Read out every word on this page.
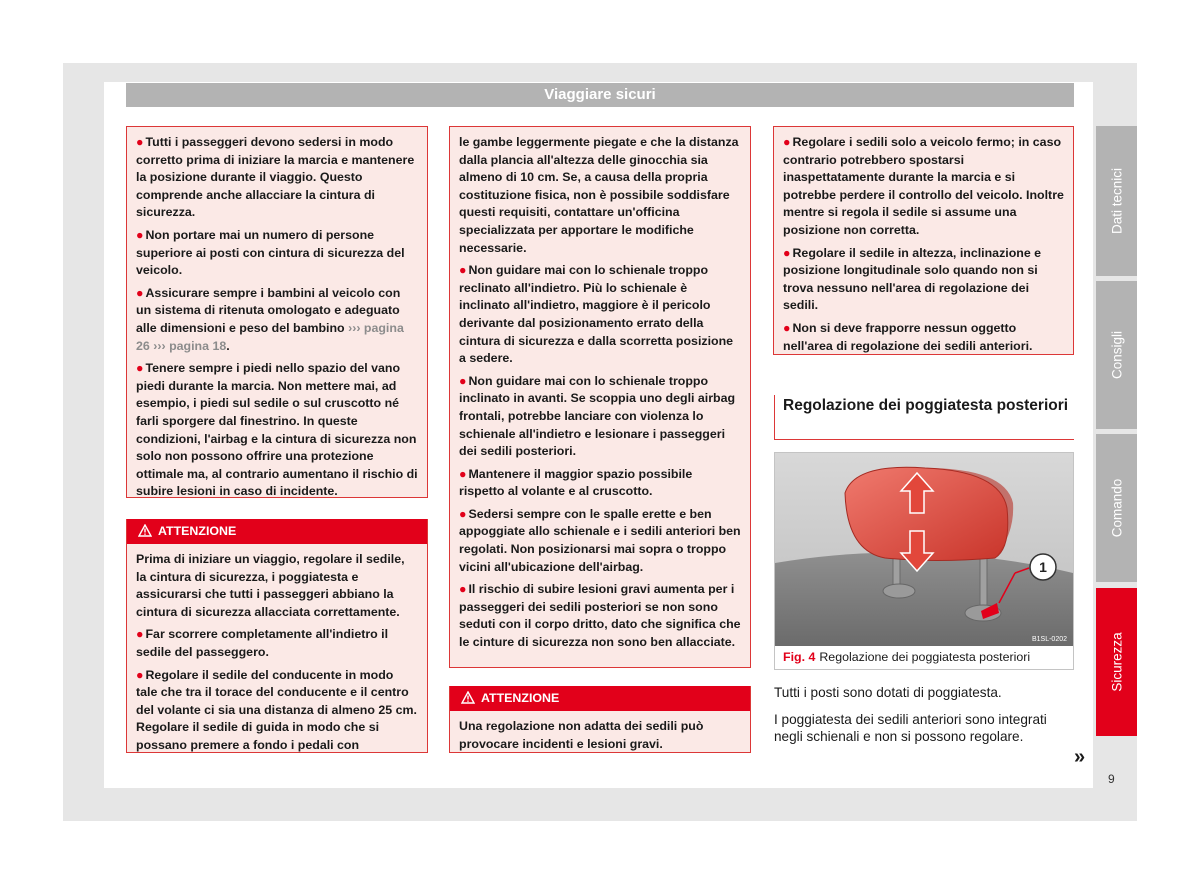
Viaggiare sicuri

● Tutti i passeggeri devono sedersi in modo corretto prima di iniziare la marcia e mantenere la posizione durante il viaggio. Questo comprende anche allacciare la cintura di sicurezza.

● Non portare mai un numero di persone superiore ai posti con cintura di sicurezza del veicolo.

● Assicurare sempre i bambini al veicolo con un sistema di ritenuta omologato e adeguato alle dimensioni e peso del bambino ››› pagina 26 ››› pagina 18.

● Tenere sempre i piedi nello spazio del vano piedi durante la marcia. Non mettere mai, ad esempio, i piedi sul sedile o sul cruscotto né farli sporgere dal finestrino. In queste condizioni, l'airbag e la cintura di sicurezza non solo non possono offrire una protezione ottimale ma, al contrario aumentano il rischio di subire lesioni in caso di incidente.

ATTENZIONE

Prima di iniziare un viaggio, regolare il sedile, la cintura di sicurezza, i poggiatesta e assicurarsi che tutti i passeggeri abbiano la cintura di sicurezza allacciata correttamente.

● Far scorrere completamente all'indietro il sedile del passeggero.

● Regolare il sedile del conducente in modo tale che tra il torace del conducente e il centro del volante ci sia una distanza di almeno 25 cm. Regolare il sedile di guida in modo che si possano premere a fondo i pedali con

le gambe leggermente piegate e che la distanza dalla plancia all'altezza delle ginocchia sia almeno di 10 cm. Se, a causa della propria costituzione fisica, non è possibile soddisfare questi requisiti, contattare un'officina specializzata per apportare le modifiche necessarie.

● Non guidare mai con lo schienale troppo reclinato all'indietro. Più lo schienale è inclinato all'indietro, maggiore è il pericolo derivante dal posizionamento errato della cintura di sicurezza e dalla scorretta posizione a sedere.

● Non guidare mai con lo schienale troppo inclinato in avanti. Se scoppia uno degli airbag frontali, potrebbe lanciare con violenza lo schienale all'indietro e lesionare i passeggeri dei sedili posteriori.

● Mantenere il maggior spazio possibile rispetto al volante e al cruscotto.

● Sedersi sempre con le spalle erette e ben appoggiate allo schienale e i sedili anteriori ben regolati. Non posizionarsi mai sopra o troppo vicini all'ubicazione dell'airbag.

● Il rischio di subire lesioni gravi aumenta per i passeggeri dei sedili posteriori se non sono seduti con il corpo dritto, dato che significa che le cinture di sicurezza non sono ben allacciate.

ATTENZIONE

Una regolazione non adatta dei sedili può provocare incidenti e lesioni gravi.

● Regolare i sedili solo a veicolo fermo; in caso contrario potrebbero spostarsi inaspettatamente durante la marcia e si potrebbe perdere il controllo del veicolo. Inoltre mentre si regola il sedile si assume una posizione non corretta.

● Regolare il sedile in altezza, inclinazione e posizione longitudinale solo quando non si trova nessuno nell'area di regolazione dei sedili.

● Non si deve frapporre nessun oggetto nell'area di regolazione dei sedili anteriori.

Regolazione dei poggiatesta posteriori
1
B1SL-0202
Fig. 4 Regolazione dei poggiatesta posteriori
Tutti i posti sono dotati di poggiatesta.
I poggiatesta dei sedili anteriori sono integrati negli schienali e non si possono regolare.
»
Dati tecnici
Consigli
Comando
Sicurezza
9
